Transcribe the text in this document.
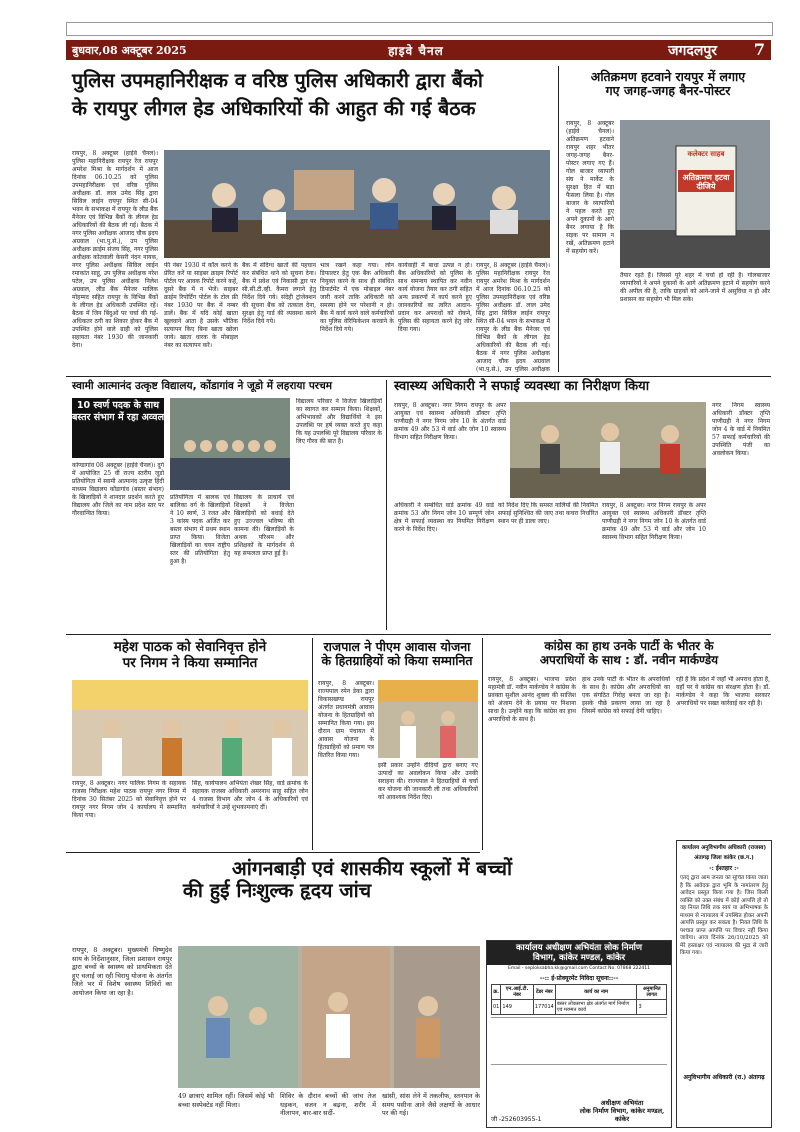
बुधवार,08 अक्टूबर 2025	हाइवे चैनल	जगदलपुर 7
पुलिस उपमहानिरीक्षक व वरिष्ठ पुलिस अधिकारी द्वारा बैंको
के रायपुर लीगल हेड अधिकारियों की आहुत की गई बैठक
रायपुर, 8 अक्टूबर (हाईवे चैनल)। पुलिस महानिरीक्षक रायपुर रेंज रायपुर अमरेश मिश्रा के मार्गदर्शन में आज दिनांक 06.10.25 को पुलिस उपमहानिरीक्षक एवं वरिष्ठ पुलिस अधीक्षक डॉ. लाल उमेद सिंह द्वारा सिविल लाईन रायपुर स्थित सी-04 भवन के सभाकक्ष में रायपुर के लीड बैंक मैनेजर एवं विभिन्न बैंकों के लीगल हेड अधिकारियों की बैठक ली गई। बैठक में नगर पुलिस अधीक्षक आजाद चौक ह्रदय अग्रवाल (भा.पु.से.), उप पुलिस अधीक्षक क्राईम संजय सिंह, नगर पुलिस अधीक्षक कोतवाली केसरी नंदन नायक, नगर पुलिस अधीक्षक सिविल लाईन रमाकांत साहू, उप पुलिस अधीक्षक नरेश पटेल, उप पुलिस अधीक्षक निलेश अग्रवाल, लीड बैंक मैनेजर मालिक मोहम्मद सहित रायपुर के विभिन्न बैंकों के लीगल हेड अधिकारी उपस्थित रहें। बैठक में जिन बिंदुओं पर चर्चा की गई- अधिकतर ठगी का शिकार होकर बैंक में उपस्थित होने वाले ग्राही को पुलिस सहायता नंबर 1930 की जानकारी देना।
फी नंबर 1930 में कॉल करने के प्रेरित करें या साइबर क्राइम रिपोर्ट पोर्टल पर आवक रिपोर्ट करने कहें, दूसरे बैंक में न भेजें। साइबर क्राईम रिपोर्टिंग पोर्टल के टोल फ्री नंबर 1930 पर बैंक में नम्बर डालें। बैंक में यदि कोई खाता खुलवाने आता है उसके भौतिक सत्यापन किए बिना खाता खोला जाये। खाता धारक के मोबाइल नंबर का सत्यापन करें।
बैंक में संदिग्ध खातों की पहचान कर संबंधित थाने को सूचना देना। बैंक में प्रवेश एवं निकासी द्वार पर सी.सी.टी.व्ही. कैमरा लगाने हेतु निर्देश दिये गये। संदेही ट्रांजेक्शन की सूचना बैंक को तत्काल देना, सुरक्षा हेतु गार्ड की व्यवस्था करने निर्देश दिये गये।
भात्र रखने कहा गया। लोन डिफाल्टर हेतु एक बैंक अधिकारी नियुक्त करने के साथ ही संबंधित डिपार्टमेंट में एक मोबाइल नंबर जारी करने ताकि अधिकारी को समस्या होने पर परेशानी न हो। बैंक में कार्य करने वाले कर्मचारियों का पुलिस वेरिफिकेशन करवाने के निर्देश दिये गये।
कार्यवाही में बाधा उत्पन्न न हो। बैंक अधिकारियों को पुलिस के साथ समन्वय स्थापित कर नवीन कार्य योजना तैयार कर ठगी सहित अन्य प्रकरणों में कार्य करने हुए जानकारियों का त्वरित आदान-प्रदान कर अपराधों को रोकने, पुलिस की सहायता करने हेतु जोर दिया गया।
रायपुर, 8 अक्टूबर (हाईवे चैनल)। पुलिस महानिरीक्षक रायपुर रेंज रायपुर अमरेश मिश्रा के मार्गदर्शन में आज दिनांक 06.10.25 को पुलिस उपमहानिरीक्षक एवं वरिष्ठ पुलिस अधीक्षक डॉ. लाल उमेद सिंह द्वारा सिविल लाईन रायपुर स्थित सी-04 भवन के सभाकक्ष में रायपुर के लीड बैंक मैनेजर एवं विभिन्न बैंकों के लीगल हेड अधिकारियों की बैठक ली गई। बैठक में नगर पुलिस अधीक्षक आजाद चौक ह्रदय अग्रवाल (भा.पु.से.), उप पुलिस अधीक्षक
अतिक्रमण हटवाने रायपुर में लगाए
गए जगह-जगह बैनर-पोस्टर
रायपुर, 8 अक्टूबर (हाईवे चैनल)। अतिक्रमण हटवाने रायपुर शहर भीतर जगह-जगह बैनर-पोस्टर लगाए गए हैं। गोल बाजार व्यापारी संघ ने मार्केट के सुरक्षा हित में बड़ा फैसला लिया है। गोल बाजार के व्यापारियों ने पहल करते हुए अपने दुकानों के आगे बैनर लगाया है कि सड़क पर सामान न रखें, अतिक्रमण हटाने में सहयोग करें।
कलेक्टर साहब
अतिक्रमण हटवा दीजिये
तैयार रहते हैं। जिससे पूरे शहर में चर्चा हो रही है। गोलबाजार व्यापारियों ने अपने दुकानों के आगे अतिक्रमण हटाने में सहयोग करने की अपील की है, ताकि ग्राहकों को आने-जाने में असुविधा न हो और प्रशासन का सहयोग भी मिल सके।
स्वामी आत्मानंद उत्कृष्ट विद्यालय, कोंडागांव ने जूडो में लहराया परचम
10 स्वर्ण पदक के साथ बस्तर संभाग में रहा अव्वल
कोण्डागांव 08 अक्टूबर (हाईवे चैनल)। दुर्ग में आयोजित 25 वीं राज्य स्तरीय जूडो प्रतियोगिता में स्वामी आत्मानंद उत्कृष्ट हिंदी माध्यम विद्यालय कोंडागांव (बस्तर संभाग) के खिलाड़ियों ने शानदार प्रदर्शन करते हुए विद्यालय और जिले का नाम प्रदेश स्तर पर गौरवान्वित किया।
प्रतियोगिता में बालक एवं बालिका वर्ग के खिलाड़ियों ने 10 स्वर्ण, 3 रजत और 3 कांस्य पदक अर्जित कर बस्तर संभाग में प्रथम स्थान प्राप्त किया। विजेता खिलाड़ियों का चयन राष्ट्रीय स्तर की प्रतियोगिता हेतु हुआ है।
विद्यालय के प्राचार्य एवं शिक्षकों ने विजेता खिलाड़ियों को बधाई देते हुए उज्ज्वल भविष्य की कामना की। खिलाड़ियों के अथक परिश्रम और प्रशिक्षकों के मार्गदर्शन से यह सफलता प्राप्त हुई है।
विद्यालय परिवार ने विजेता खिलाड़ियों का स्वागत कर सम्मान किया। शिक्षकों, अभिभावकों और विद्यार्थियों ने इस उपलब्धि पर हर्ष व्यक्त करते हुए कहा कि यह उपलब्धि पूरे विद्यालय परिवार के लिए गौरव की बात है।
स्वास्थ्य अधिकारी ने सफाई व्यवस्था का निरीक्षण किया
रायपुर, 8 अक्टूबर। नगर निगम रायपुर के अपर आयुक्त एवं स्वास्थ्य अधिकारी डॉक्टर तृप्ति पाणीग्रही ने नगर निगम जोन 10 के अंतर्गत वार्ड क्रमांक 49 और 53 में वार्ड और जोन 10 स्वास्थ्य विभाग सहित निरीक्षण किया।
नगर निगम स्वास्थ्य अधिकारी डॉक्टर तृप्ति पाणीग्रही ने नगर निगम जोन 4 के वार्ड में नियमित 57 सफाई कर्मचारियों की उपस्थिति पंजी का अवलोकन किया।
अधिकारी ने सम्बंधित वार्ड क्रमांक 49 वार्ड क्रमांक 53 और निगम जोन 10 सम्पूर्ण जोन क्षेत्र में सफाई व्यवस्था का नियमित निरीक्षण करने के निर्देश दिए।
को निर्देश दिए कि समस्त नालियों की नियमित सफाई सुनिश्चित की जाए तथा कचरा निर्धारित स्थान पर ही डाला जाए।
रायपुर, 8 अक्टूबर। नगर निगम रायपुर के अपर आयुक्त एवं स्वास्थ्य अधिकारी डॉक्टर तृप्ति पाणीग्रही ने नगर निगम जोन 10 के अंतर्गत वार्ड क्रमांक 49 और 53 में वार्ड और जोन 10 स्वास्थ्य विभाग सहित निरीक्षण किया।
महेश पाठक को सेवानिवृत्त होने
पर निगम ने किया सम्मानित
रायपुर, 8 अक्टूबर। नगर पालिक निगम के सहायक राजस्व निरीक्षक महेश पाठक रायपुर नगर निगम में दिनांक 30 सितंबर 2025 को सेवानिवृत्त होने पर रायपुर नगर निगम जोन 4 कार्यालय में सम्मानित किया गया।
सिंह, कार्यपालन अभियंता शेखर सिंह, वार्ड क्रमांक के सहायक राजस्व अधिकारी अमरनाथ साहू सहित जोन 4 राजस्व विभाग और जोन 4 के अधिकारियों एवं कर्मचारियों ने उन्हें शुभकामनाएं दीं।
राजपाल ने पीएम आवास योजना
के हितग्राहियों को किया सम्मानित
रायपुर, 8 अक्टूबर। राज्यपाल रमेन डेका द्वारा विकासखण्ड रायपुर अंतर्गत प्रधानमंत्री आवास योजना के हितग्राहियों को सम्मानित किया गया। इस दौरान ग्राम पंचायत में आवास योजना के हितग्राहियों को प्रमाण पत्र वितरित किया गया।
इसी प्रकार उन्होंने दीदियों द्वारा बनाए गए उत्पादों का अवलोकन किया और उनकी सराहना की। राज्यपाल ने हितग्राहियों से चर्चा कर योजना की जानकारी ली तथा अधिकारियों को आवश्यक निर्देश दिए।
कांग्रेस का हाथ उनके पार्टी के भीतर के
अपराधियों के साथ : डॉ. नवीन मार्कण्डेय
रायपुर, 8 अक्टूबर। भाजपा प्रदेश महामंत्री डॉ. नवीन मार्कण्डेय ने कांग्रेस के प्रवक्ता सुशील आनंद शुक्ला की साजिश को अंजाम देने के प्रयास पर निशाना साधा है। उन्होंने कहा कि कांग्रेस का हाथ अपराधियों के साथ है।
हाथ उनके पार्टी के भीतर के अपराधियों के साथ है। कांग्रेस और अपराधियों का एक संगठित गिरोह बनता जा रहा है। इसके पीछे प्रकरण लाया जा रहा है जिसमें कांग्रेस को सफाई देनी चाहिए।
रही है कि प्रदेश में जहाँ भी अपराध होता है, वहाँ पर ये कांग्रेस का संरक्षण होता है। डॉ. मार्कण्डेय ने कहा कि भाजपा सरकार अपराधियों पर सख्त कार्रवाई कर रही है।
कार्यालय अनुविभागीय अधिकारी (राजस्व)
अंतागढ़ जिला कांकेर (छ.ग.)
-: ईश्तहार :-
एतद् द्वारा आम जनता को सूचित किया जाता है कि आवेदक द्वारा भूमि के नामांतरण हेतु आवेदन प्रस्तुत किया गया है। जिस किसी व्यक्ति को उक्त संबंध में कोई आपत्ति हो तो वह नियत तिथि तक स्वयं या अभिभाषक के माध्यम से न्यायालय में उपस्थित होकर अपनी आपत्ति प्रस्तुत कर सकता है। नियत तिथि के पश्चात प्राप्त आपत्ति पर विचार नहीं किया जावेगा। आज दिनांक 26/10/2025 को मेरे हस्ताक्षर एवं न्यायालय की मुद्रा से जारी किया गया।
अनुविभागीय अधिकारी (रा.) अंतागढ़
आंगनबाड़ी एवं शासकीय स्कूलों में बच्चों
की हुई निःशुल्क हृदय जांच
रायपुर, 8 अक्टूबर। मुख्यमंत्री विष्णुदेव साय के निर्देशानुसार, जिला प्रशासन रायपुर द्वारा बच्चों के स्वास्थ्य को प्राथमिकता देते हुए चलाई जा रही चिरायु योजना के अंतर्गत जिले भर में विशेष स्वास्थ्य शिविरों का आयोजन किया जा रहा है।
49 छात्राएं शामिल रहीं। जिसमें कोई भी बच्चा सस्पेक्टेड नहीं मिला।
शिविर के दौरान बच्चों की जांच तेज धड़कन, वजन न बढ़ना, शरीर में नीलापन, बार-बार सर्दी-
खांसी, सांस लेने में तकलीफ, स्तनपान के समय पसीना आने जैसे लक्षणों के आधार पर की गई।
कार्यालय अधीक्षण अभियंता लोक निर्माण
विभाग, कांकेर मण्डल, कांकेर
Email - seploksabha.kk@gmail.com Contact No. 07868 222411
--:: ई-प्रोक्यूरमेंट निविदा सूचना::--
क्र.	एन.आई.टी. नंबर	टेंडर नंबर	कार्य का नाम	अनुमानित लागत
01	149	177014	बस्तर लोकसभा क्षेत्र अंतर्गत मार्ग निर्माण एवं मरम्मत कार्य	3
जी -252603955-1
अधीक्षण अभियंता
लोक निर्माण विभाग, कांकेर मण्डल, कांकेर
